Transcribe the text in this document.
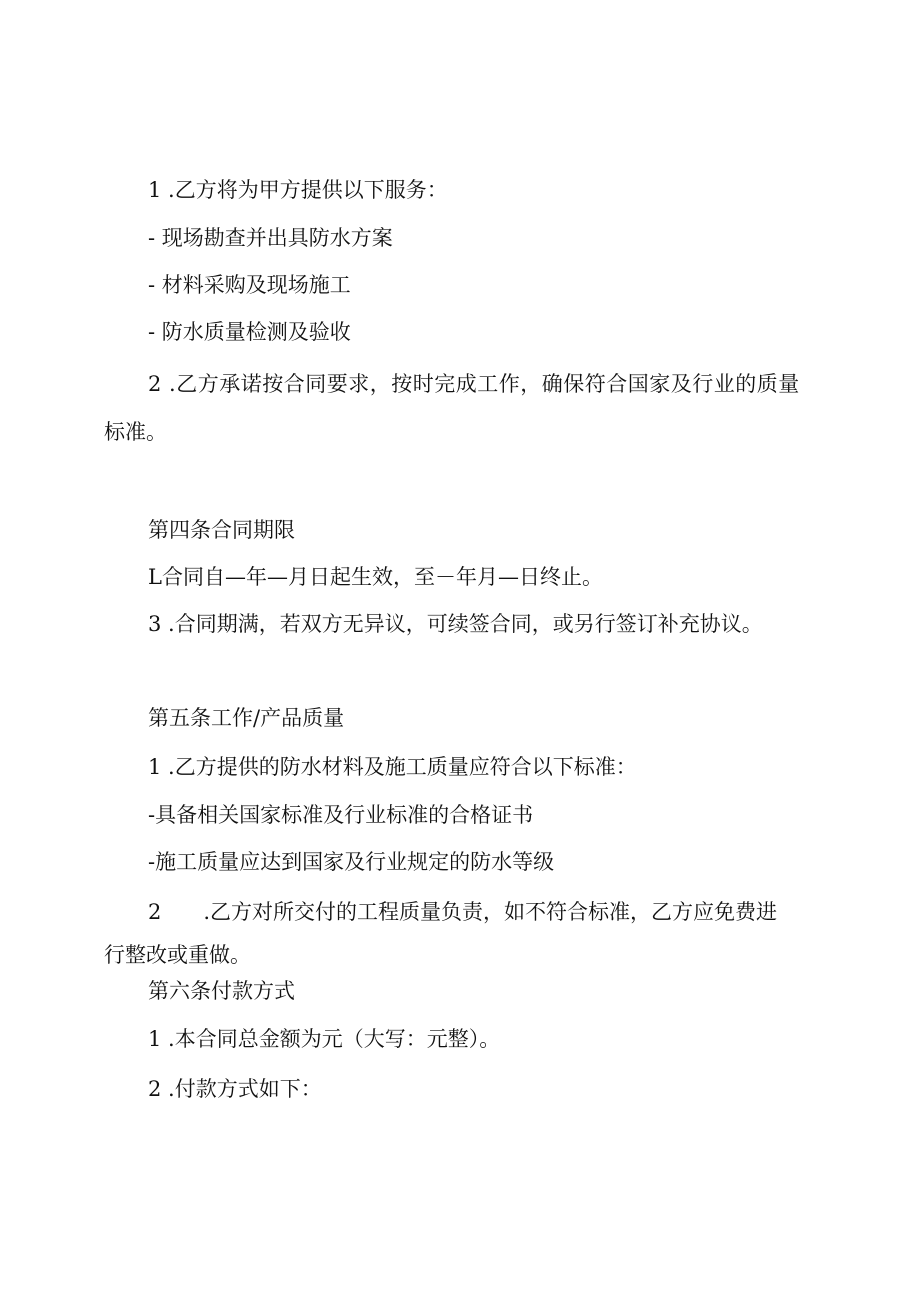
1 .乙方将为甲方提供以下服务：
- 现场勘查并出具防水方案
- 材料采购及现场施工
- 防水质量检测及验收
2 .乙方承诺按合同要求，按时完成工作，确保符合国家及行业的质量
标准。
第四条合同期限
L合同自—年—月日起生效，至－年月—日终止。
3 .合同期满，若双方无异议，可续签合同，或另行签订补充协议。
第五条工作/产品质量
1 .乙方提供的防水材料及施工质量应符合以下标准：
-具备相关国家标准及行业标准的合格证书
-施工质量应达到国家及行业规定的防水等级
2　　.乙方对所交付的工程质量负责，如不符合标准，乙方应免费进
行整改或重做。
第六条付款方式
1 .本合同总金额为元（大写：元整）。
2 .付款方式如下：
